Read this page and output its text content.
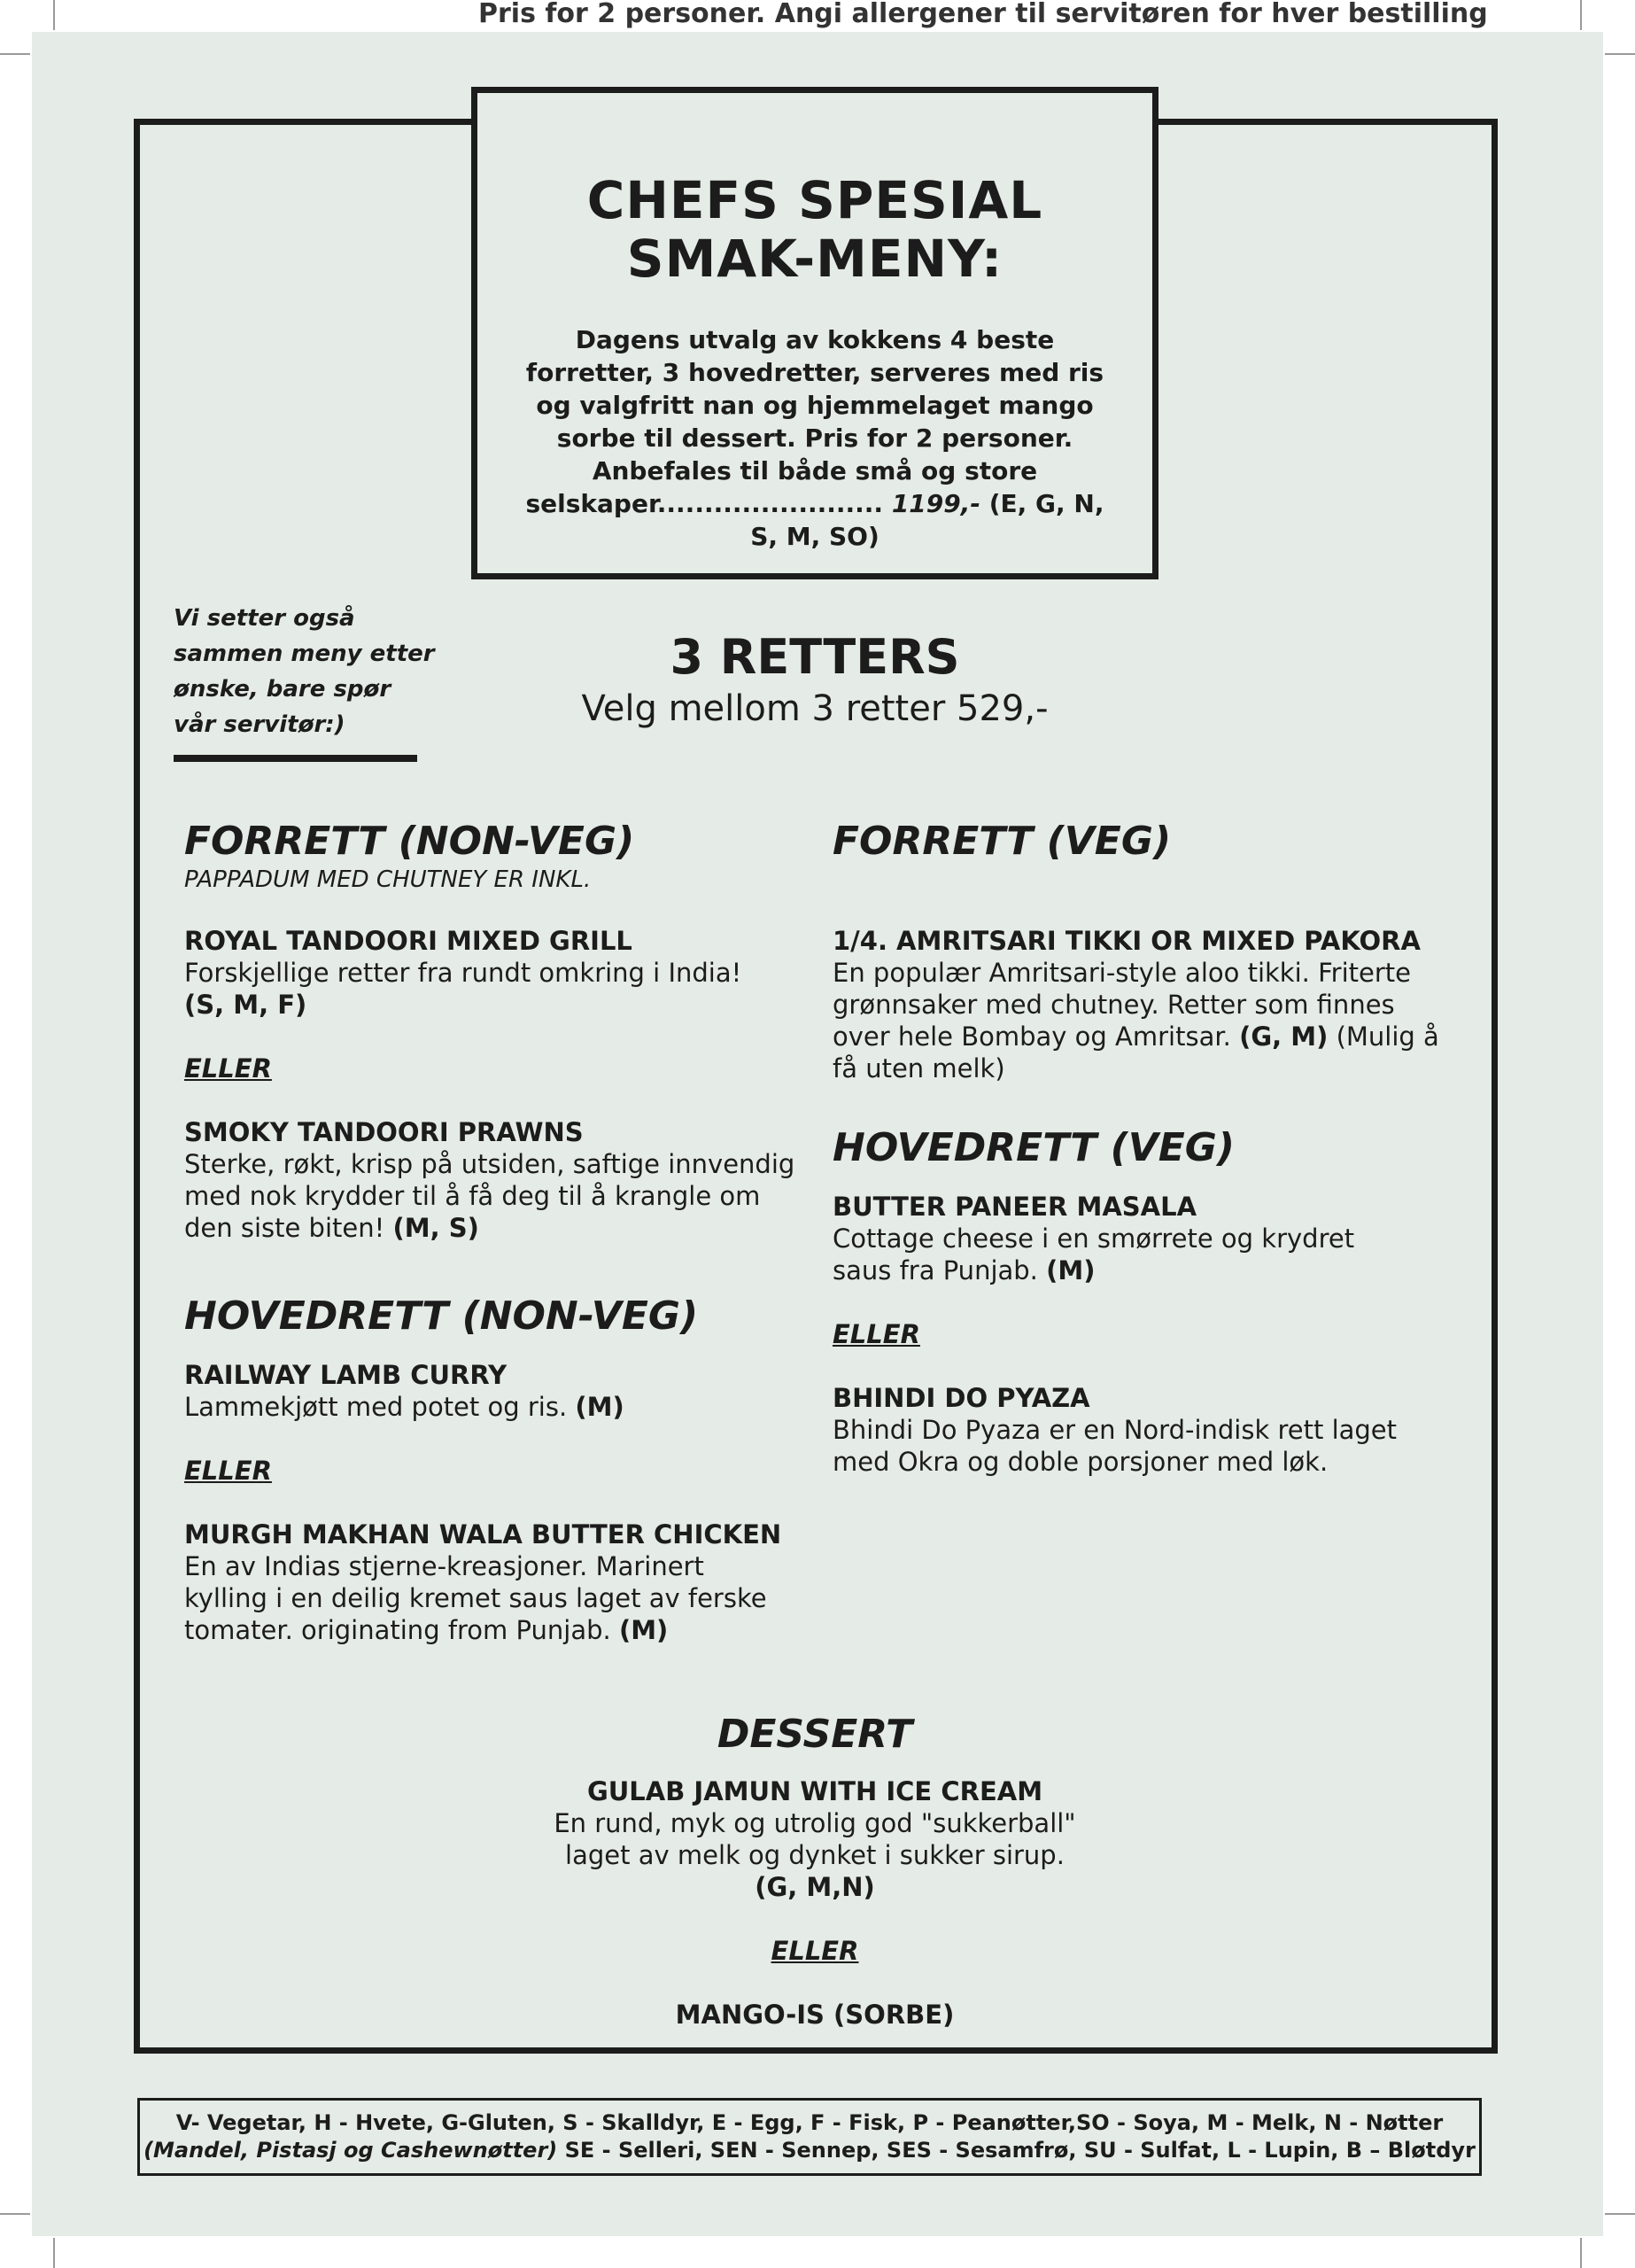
Pris for 2 personer. Angi allergener til servitøren for hver bestilling
CHEFS SPESIAL
SMAK-MENY:

Dagens utvalg av kokkens 4 beste forretter, 3 hovedretter, serveres med ris og valgfritt nan og hjemmelaget mango sorbe til dessert. Pris for 2 personer. Anbefales til både små og store selskaper........................ 1199,- (E, G, N, S, M, SO)

Vi setter også sammen meny etter ønske, bare spør vår servitør:)
3 RETTERS
Velg mellom 3 retter 529,-

FORRETT (NON-VEG)

PAPPADUM MED CHUTNEY ER INKL.

ROYAL TANDOORI MIXED GRILL

Forskjellige retter fra rundt omkring i India!

(S, M, F)

ELLER

SMOKY TANDOORI PRAWNS

Sterke, røkt, krisp på utsiden, saftige innvendig med nok krydder til å få deg til å krangle om den siste biten! (M, S)

HOVEDRETT (NON-VEG)

RAILWAY LAMB CURRY

Lammekjøtt med potet og ris. (M)

ELLER

MURGH MAKHAN WALA BUTTER CHICKEN

En av Indias stjerne-kreasjoner. Marinert kylling i en deilig kremet saus laget av ferske tomater. originating from Punjab. (M)

FORRETT (VEG)

1/4. AMRITSARI TIKKI OR MIXED PAKORA

En populær Amritsari-style aloo tikki. Friterte grønnsaker med chutney. Retter som finnes over hele Bombay og Amritsar. (G, M) (Mulig å få uten melk)

HOVEDRETT (VEG)

BUTTER PANEER MASALA

Cottage cheese i en smørrete og krydret saus fra Punjab. (M)

ELLER

BHINDI DO PYAZA

Bhindi Do Pyaza er en Nord-indisk rett laget med Okra og doble porsjoner med løk.

DESSERT

GULAB JAMUN WITH ICE CREAM

En rund, myk og utrolig god "sukkerball" laget av melk og dynket i sukker sirup. (G, M,N)

ELLER

MANGO-IS (SORBE)

V- Vegetar, H - Hvete, G-Gluten, S - Skalldyr, E - Egg, F - Fisk, P - Peanøtter,SO - Soya, M - Melk, N - Nøtter
(Mandel, Pistasj og Cashewnøtter) SE - Selleri, SEN - Sennep, SES - Sesamfrø, SU - Sulfat, L - Lupin, B – Bløtdyr
